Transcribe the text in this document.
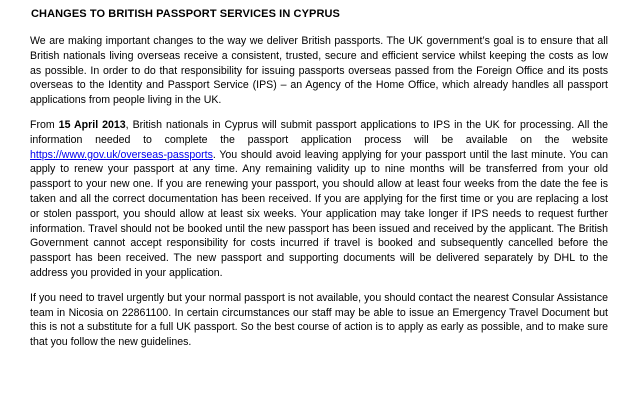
CHANGES TO BRITISH PASSPORT SERVICES IN CYPRUS

We are making important changes to the way we deliver British passports. The UK government’s goal is to ensure that all British nationals living overseas receive a consistent, trusted, secure and efficient service whilst keeping the costs as low as possible. In order to do that responsibility for issuing passports overseas passed from the Foreign Office and its posts overseas to the Identity and Passport Service (IPS) – an Agency of the Home Office, which already handles all passport applications from people living in the UK.

From 15 April 2013, British nationals in Cyprus will submit passport applications to IPS in the UK for processing. All the information needed to complete the passport application process will be available on the website https://www.gov.uk/overseas-passports. You should avoid leaving applying for your passport until the last minute. You can apply to renew your passport at any time. Any remaining validity up to nine months will be transferred from your old passport to your new one. If you are renewing your passport, you should allow at least four weeks from the date the fee is taken and all the correct documentation has been received. If you are applying for the first time or you are replacing a lost or stolen passport, you should allow at least six weeks. Your application may take longer if IPS needs to request further information. Travel should not be booked until the new passport has been issued and received by the applicant. The British Government cannot accept responsibility for costs incurred if travel is booked and subsequently cancelled before the passport has been received. The new passport and supporting documents will be delivered separately by DHL to the address you provided in your application.

If you need to travel urgently but your normal passport is not available, you should contact the nearest Consular Assistance team in Nicosia on 22861100. In certain circumstances our staff may be able to issue an Emergency Travel Document but this is not a substitute for a full UK passport. So the best course of action is to apply as early as possible, and to make sure that you follow the new guidelines.
